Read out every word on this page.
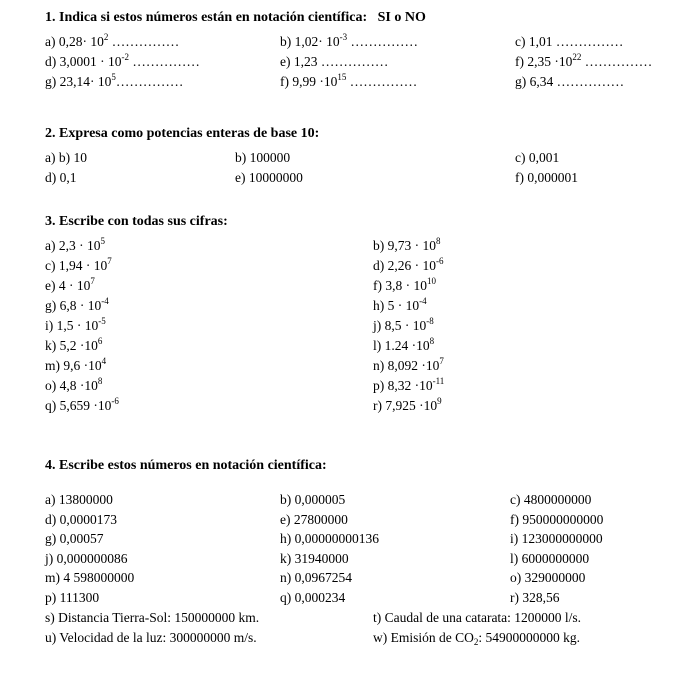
1. Indica si estos números están en notación científica: SI o NO
a) $0,28\cdot 10^2$ ……………	b) $1,02\cdot 10^{-3}$ ……………	c) 1,01 ……………
d) $3,0001 \cdot 10^{-2}$ ……………	e) 1,23 ……………	f) $2,35 \cdot 10^{22}$ ……………
g) $23,14\cdot 10^5\dots\dots\dots\dots\dots$	f) $9,99 \cdot 10^{15}$ ……………	g) 6,34 ……………
2. Expresa como potencias enteras de base 10:
a) b) 10	b) 100000	c) 0,001
d) 0,1	e) 10000000	f) 0,000001
3. Escribe con todas sus cifras:
a) $2,3 \cdot 10^5$	b) $9,73 \cdot 10^8$
c) $1,94 \cdot 10^7$	d) $2,26 \cdot 10^{-6}$
e) $4 \cdot 10^7$	f) $3,8 \cdot 10^{10}$
g) $6,8 \cdot 10^{-4}$	h) $5 \cdot 10^{-4}$
i) $1,5 \cdot 10^{-5}$	j) $8,5 \cdot 10^{-8}$
k) $5,2 \cdot 10^6$	l) $1.24 \cdot 10^8$
m) $9,6 \cdot 10^4$	n) $8,092 \cdot 10^7$
o) $4,8 \cdot 10^8$	p) $8,32 \cdot 10^{-11}$
q) $5,659 \cdot 10^{-6}$	r) $7,925 \cdot 10^9$
4. Escribe estos números en notación científica:
a) 13800000	b) 0,000005	c) 4800000000
d) 0,0000173	e) 27800000	f) 950000000000
g) 0,00057	h) 0,00000000136	i) 123000000000
j) 0,000000086	k) 31940000	l) 6000000000
m) 4 598000000	n) 0,0967254	o) 329000000
p) 111300	q) 0,000234	r) 328,56
s) Distancia Tierra-Sol: 150000000 km.	t) Caudal de una catarata: 1200000 l/s.
u) Velocidad de la luz: 300000000 m/s.	w) Emisión de $CO_2$: 54900000000 kg.
